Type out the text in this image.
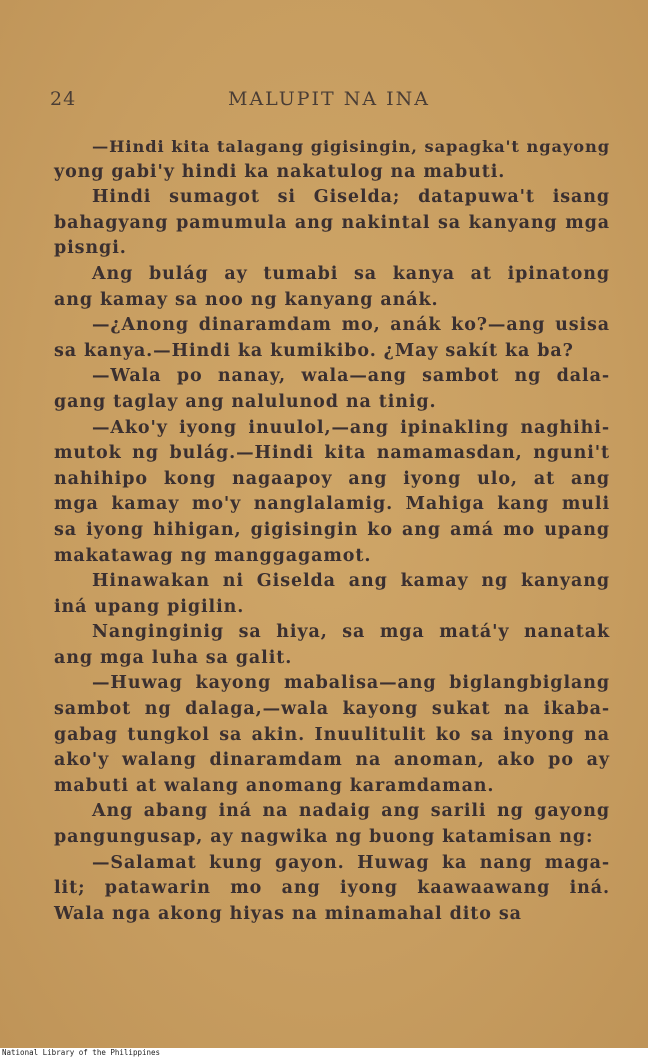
24	MALUPIT NA INA
—Hindi kita talagang gigisingin, sapagka't ngayong
yong gabi'y hindi ka nakatulog na mabuti.
Hindi sumagot si Giselda; datapuwa't isang
bahagyang pamumula ang nakintal sa kanyang mga
pisngi.
Ang bulág ay tumabi sa kanya at ipinatong
ang kamay sa noo ng kanyang anák.
—¿Anong dinaramdam mo, anák ko?—ang usisa
sa kanya.—Hindi ka kumikibo. ¿May sakít ka ba?
—Wala po nanay, wala—ang sambot ng dala-
gang taglay ang nalulunod na tinig.
—Ako'y iyong inuulol,—ang ipinakling naghihi-
mutok ng bulág.—Hindi kita namamasdan, nguni't
nahihipo kong nagaapoy ang iyong ulo, at ang
mga kamay mo'y nanglalamig. Mahiga kang muli
sa iyong hihigan, gigisingin ko ang amá mo upang
makatawag ng manggagamot.
Hinawakan ni Giselda ang kamay ng kanyang
iná upang pigilin.
Nanginginig sa hiya, sa mga matá'y nanatak
ang mga luha sa galit.
—Huwag kayong mabalisa—ang biglangbiglang
sambot ng dalaga,—wala kayong sukat na ikaba-
gabag tungkol sa akin. Inuulitulit ko sa inyong na
ako'y walang dinaramdam na anoman, ako po ay
mabuti at walang anomang karamdaman.
Ang abang iná na nadaig ang sarili ng gayong
pangungusap, ay nagwika ng buong katamisan ng:
—Salamat kung gayon. Huwag ka nang maga-
lit; patawarin mo ang iyong kaawaawang iná.
Wala nga akong hiyas na minamahal dito sa
National Library of the Philippines
